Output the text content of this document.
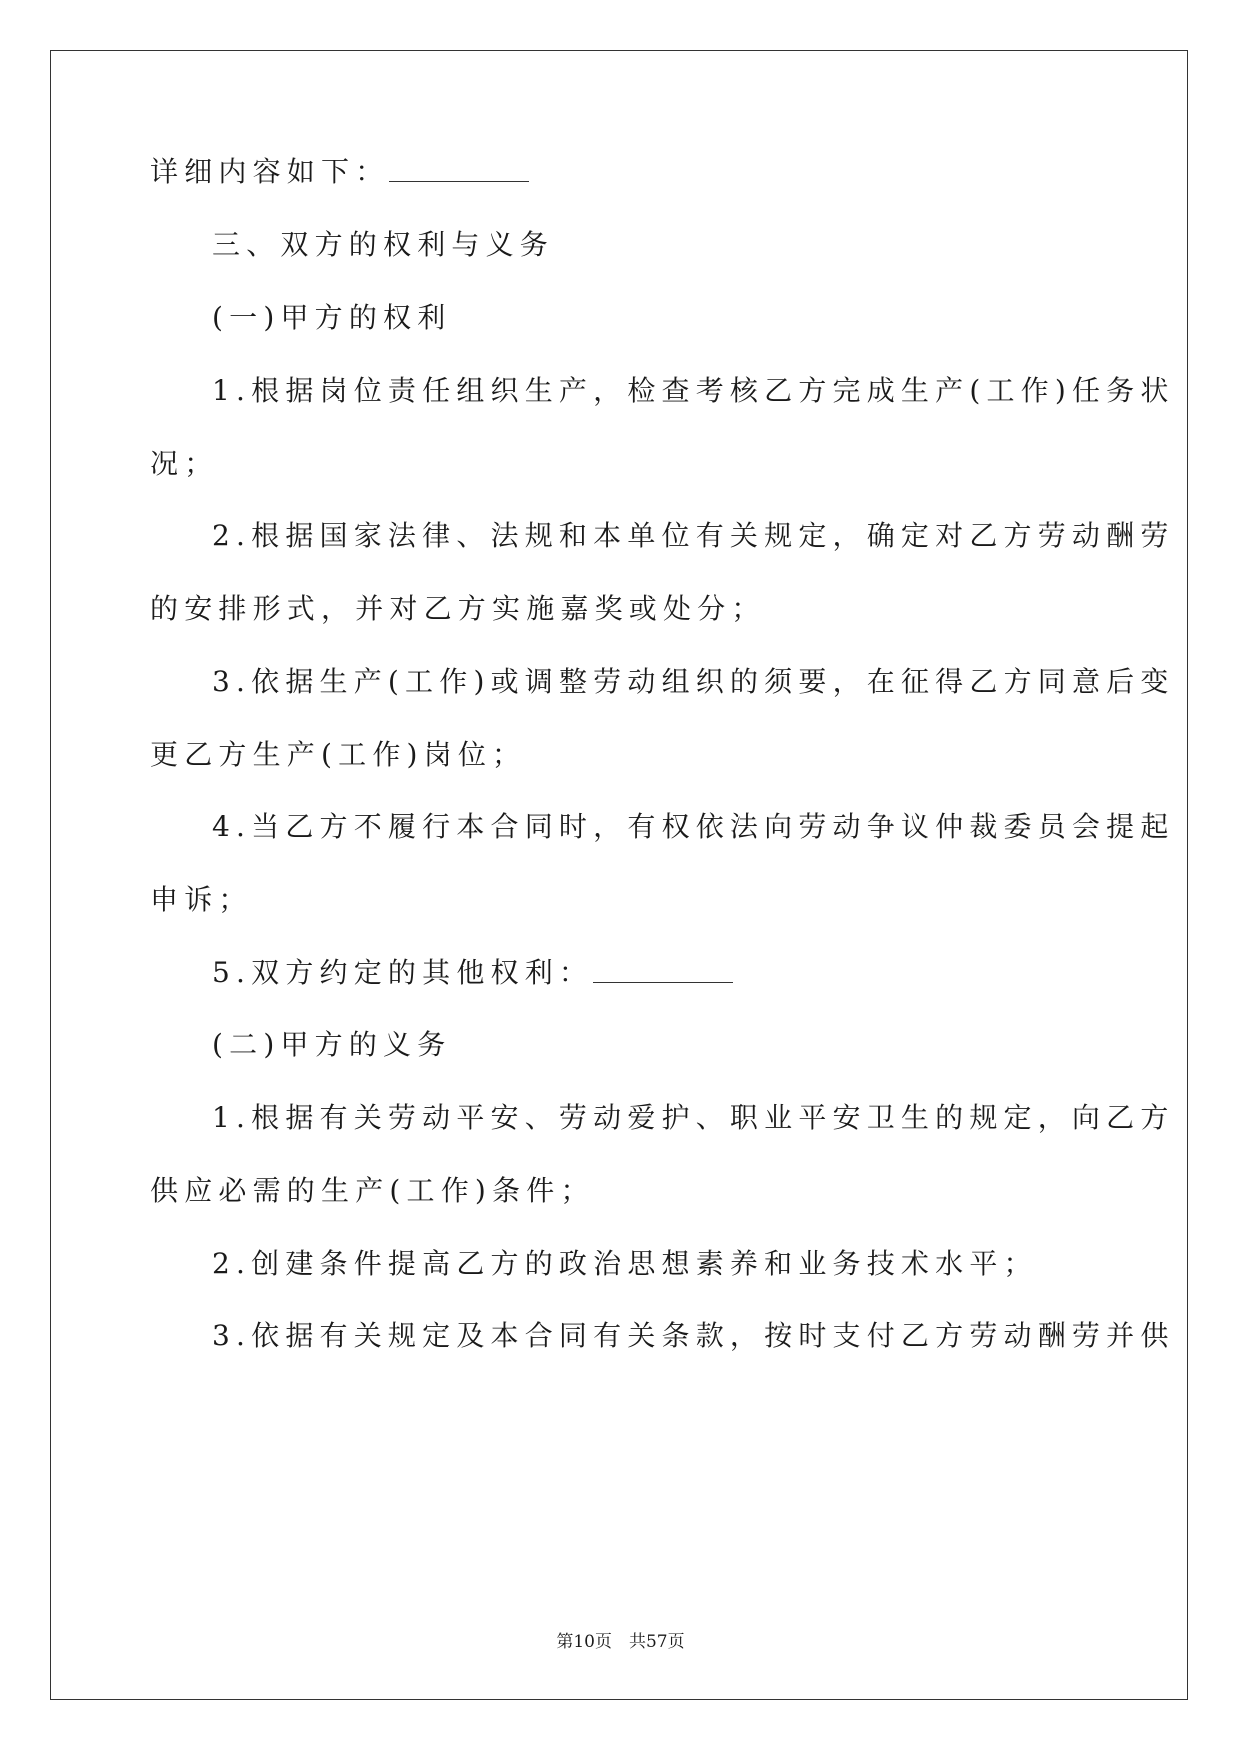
详细内容如下：
三、双方的权利与义务
(一)甲方的权利
1.根据岗位责任组织生产，检查考核乙方完成生产(工作)任务状
况；
2.根据国家法律、法规和本单位有关规定，确定对乙方劳动酬劳
的安排形式，并对乙方实施嘉奖或处分；
3.依据生产(工作)或调整劳动组织的须要，在征得乙方同意后变
更乙方生产(工作)岗位；
4.当乙方不履行本合同时，有权依法向劳动争议仲裁委员会提起
申诉；
5.双方约定的其他权利：
(二)甲方的义务
1.根据有关劳动平安、劳动爱护、职业平安卫生的规定，向乙方
供应必需的生产(工作)条件；
2.创建条件提高乙方的政治思想素养和业务技术水平；
3.依据有关规定及本合同有关条款，按时支付乙方劳动酬劳并供
第10页　共57页
